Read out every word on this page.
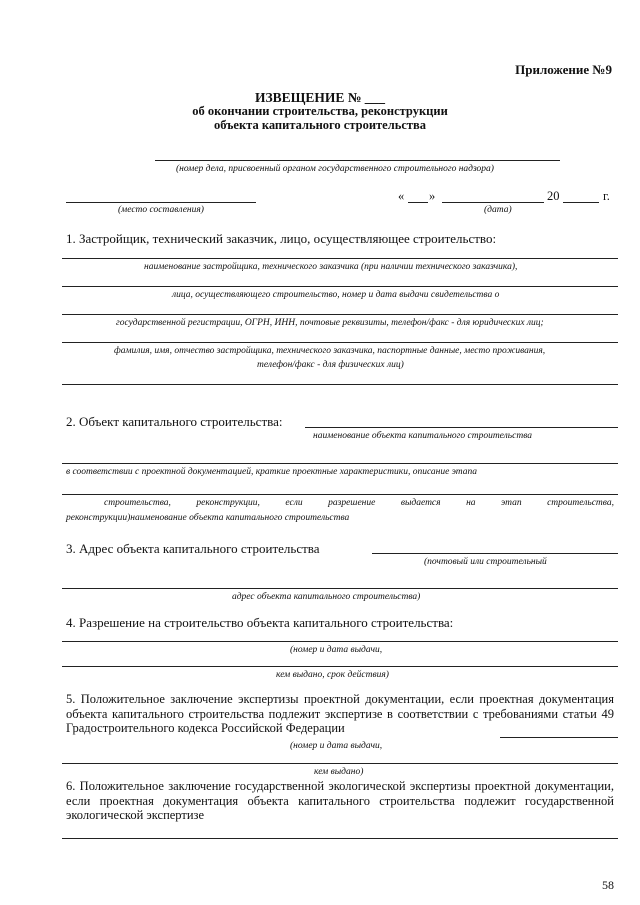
Приложение №9
ИЗВЕЩЕНИЕ № ___
об окончании строительства, реконструкции
объекта капитального строительства
(номер дела, присвоенный органом государственного строительного надзора)
(место составления)
« »	20	г.
(дата)
1. Застройщик, технический заказчик, лицо, осуществляющее строительство:
наименование застройщика, технического заказчика (при наличии технического заказчика),
лица, осуществляющего строительство, номер и дата выдачи свидетельства о
государственной регистрации, ОГРН, ИНН, почтовые реквизиты, телефон/факс - для юридических лиц;
фамилия, имя, отчество застройщика, технического заказчика, паспортные данные, место проживания,
телефон/факс - для физических лиц)
2. Объект капитального строительства:
наименование объекта капитального строительства
в соответствии с проектной документацией, краткие проектные характеристики, описание этапа
строительства,	реконструкции,	если	разрешение	выдается	на	этап	строительства,
реконструкции)наименование объекта капитального строительства
3. Адрес объекта капитального строительства
(почтовый или строительный
адрес объекта капитального строительства)
4. Разрешение на строительство объекта капитального строительства:
(номер и дата выдачи,
кем выдано, срок действия)
5. Положительное заключение экспертизы проектной документации, если проектная документация объекта капитального строительства подлежит экспертизе в соответствии с требованиями статьи 49 Градостроительного кодекса Российской Федерации
(номер и дата выдачи,
кем выдано)
6. Положительное заключение государственной экологической экспертизы проектной документации, если проектная документация объекта капитального строительства подлежит государственной экологической экспертизе
58
